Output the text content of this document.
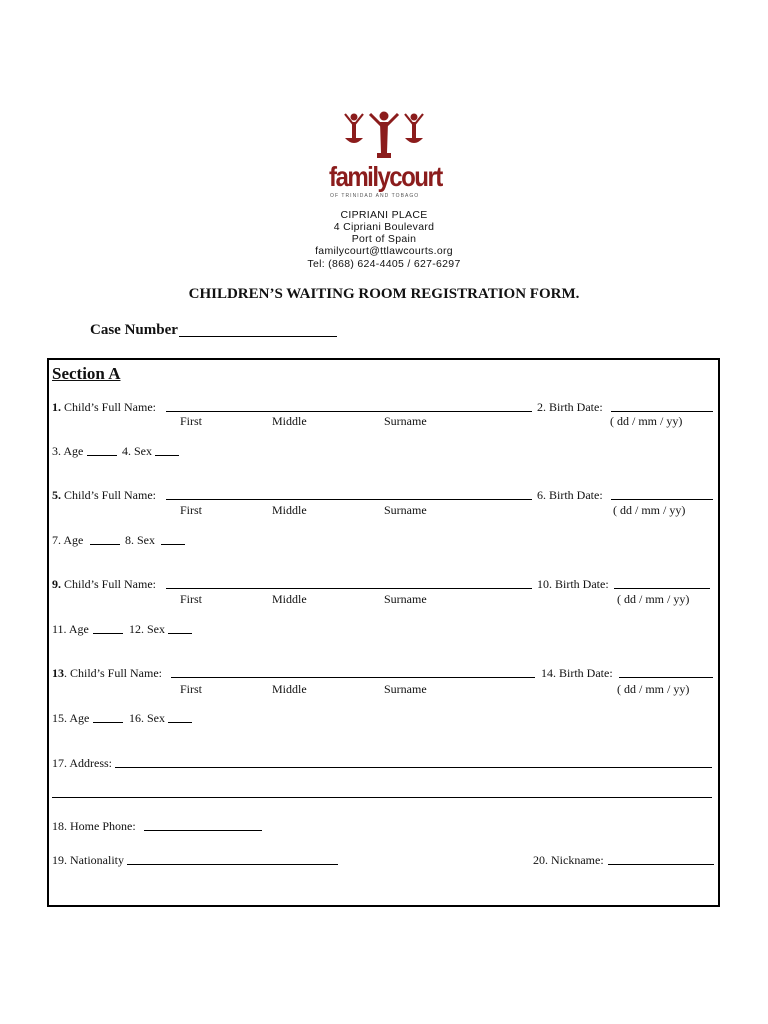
familycourt
OF TRINIDAD AND TOBAGO
CIPRIANI PLACE
4 Cipriani Boulevard
Port of Spain
familycourt@ttlawcourts.org
Tel: (868) 624-4405 / 627-6297
CHILDREN’S WAITING ROOM REGISTRATION FORM.
Case Number
Section A
1. Child’s Full Name:	2. Birth Date:
First	Middle	Surname	( dd / mm / yy)
3. Age	4. Sex
5. Child’s Full Name:	6. Birth Date:
First	Middle	Surname	( dd / mm / yy)
7. Age	8. Sex
9. Child’s Full Name:	10. Birth Date:
First	Middle	Surname	( dd / mm / yy)
11. Age	12. Sex
13. Child’s Full Name:	14. Birth Date:
First	Middle	Surname	( dd / mm / yy)
15. Age	16. Sex
17. Address:
18. Home Phone:
19. Nationality	20. Nickname:
